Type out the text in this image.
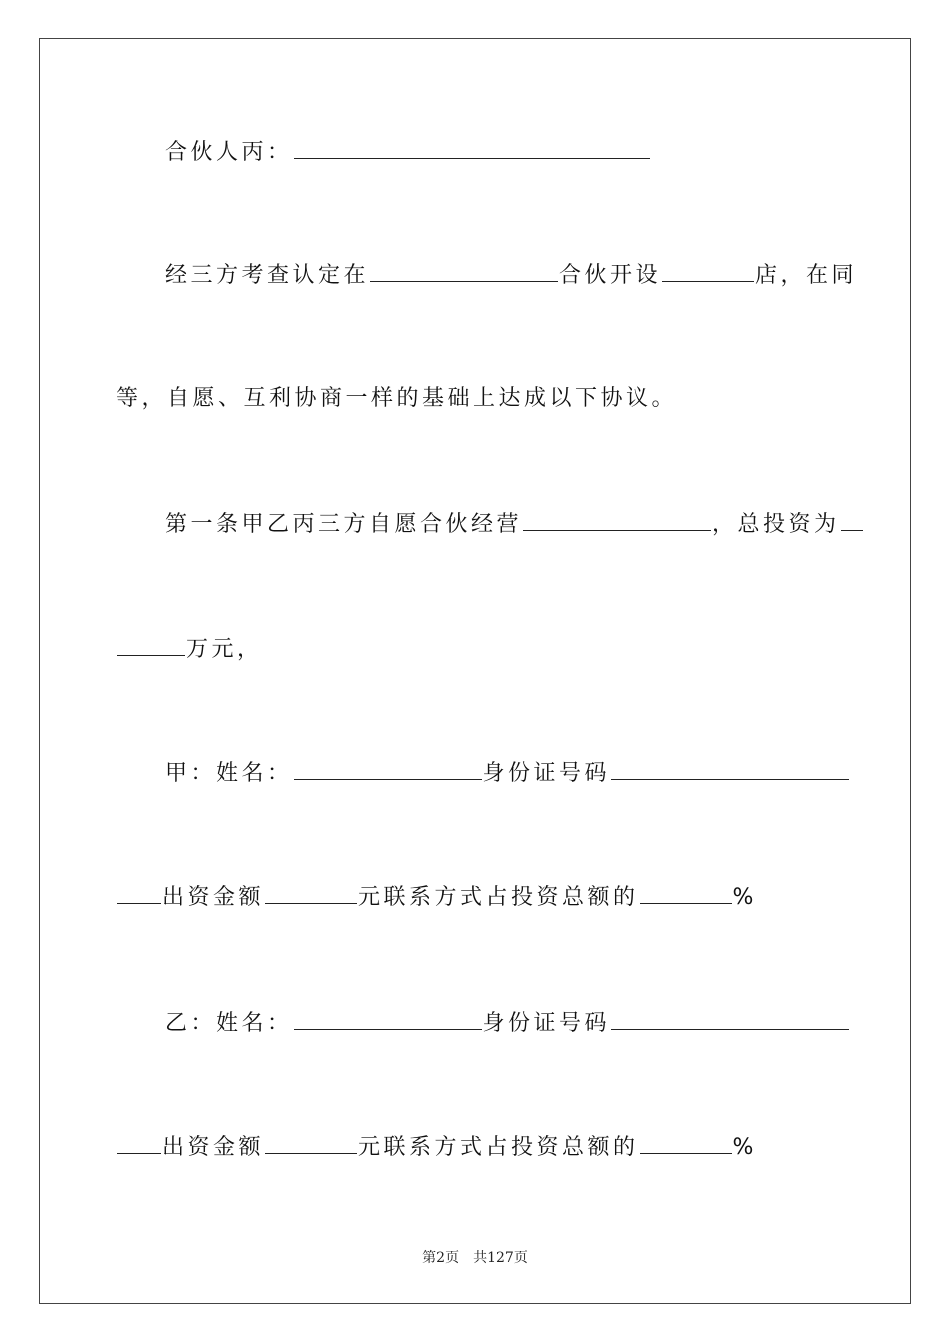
合伙人丙：
经三方考查认定在	合伙开设	店，在同
等，自愿、互利协商一样的基础上达成以下协议。
第一条甲乙丙三方自愿合伙经营	，总投资为
万元，
甲：姓名：	身份证号码
出资金额	元联系方式占投资总额的	%
乙：姓名：	身份证号码
出资金额	元联系方式占投资总额的	%
第2页 共127页
